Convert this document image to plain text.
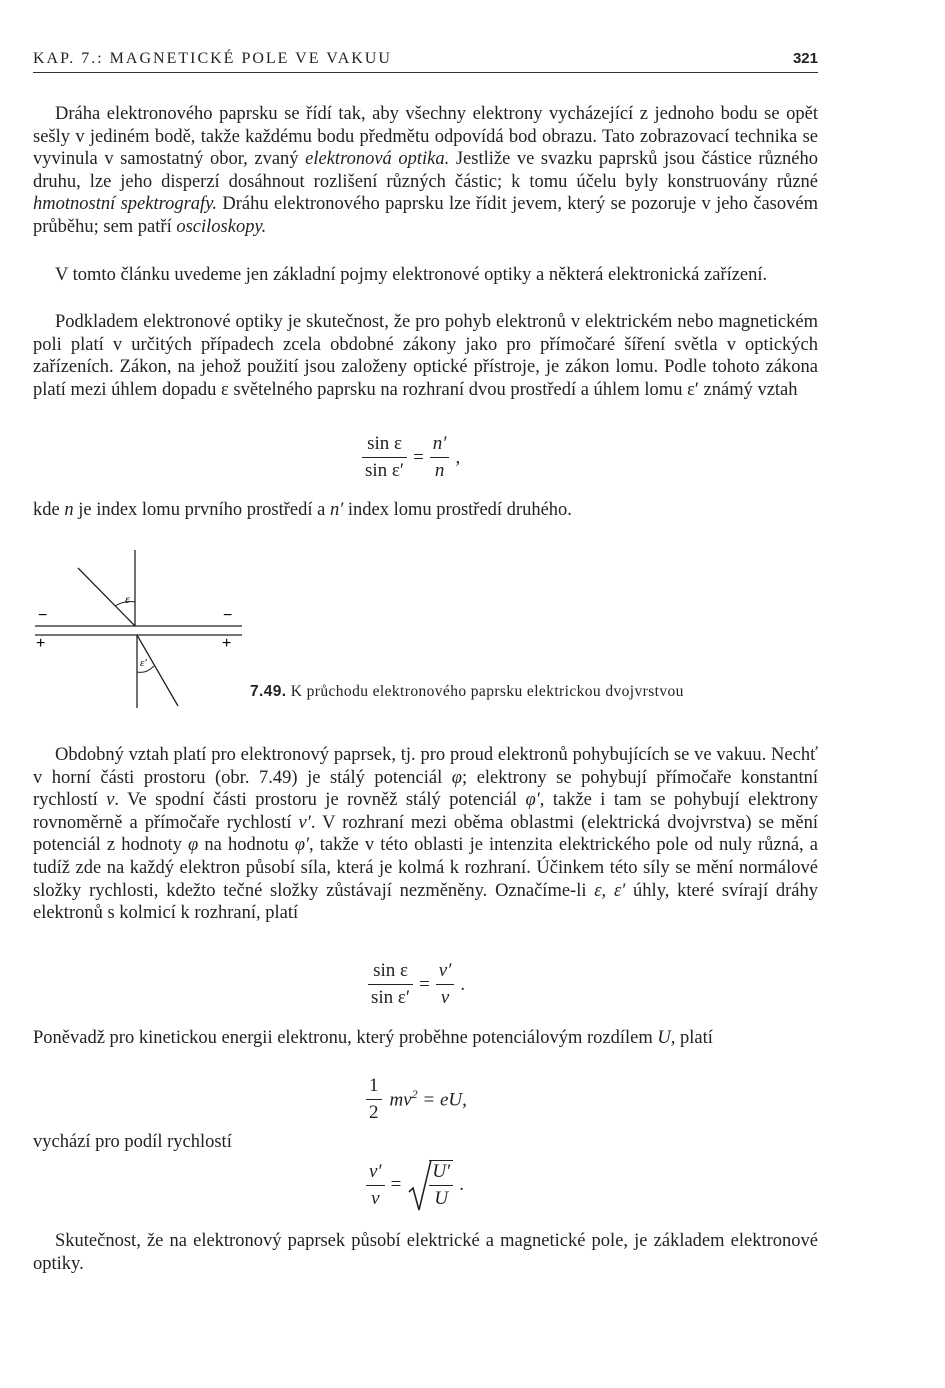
KAP. 7.: MAGNETICKÉ POLE VE VAKUU	321

Dráha elektronového paprsku se řídí tak, aby všechny elektrony vycházející z jednoho bodu se opět sešly v jediném bodě, takže každému bodu předmětu odpovídá bod obrazu. Tato zobrazovací technika se vyvinula v samostatný obor, zvaný elektronová optika. Jestliže ve svazku paprsků jsou částice různého druhu, lze jeho disperzí dosáhnout rozlišení různých částic; k tomu účelu byly konstruovány různé hmotnostní spektrografy. Dráhu elektronového paprsku lze řídit jevem, který se pozoruje v jeho časovém průběhu; sem patří osciloskopy.

V tomto článku uvedeme jen základní pojmy elektronové optiky a některá elektronická zařízení.

Podkladem elektronové optiky je skutečnost, že pro pohyb elektronů v elektrickém nebo magnetickém poli platí v určitých případech zcela obdobné zákony jako pro přímočaré šíření světla v optických zařízeních. Zákon, na jehož použití jsou založeny optické přístroje, je zákon lomu. Podle tohoto zákona platí mezi úhlem dopadu ε světelného paprsku na rozhraní dvou prostředí a úhlem lomu ε′ známý vztah

$\frac{\text{sin ε}}{\text{sin ε′}} = \frac{n'}{n}$ ,

kde n je index lomu prvního prostředí a n′ index lomu prostředí druhého.

ε
−	−
+	+
ε′
7.49. K průchodu elektronového paprsku elektrickou dvojvrstvou

Obdobný vztah platí pro elektronový paprsek, tj. pro proud elektronů pohybujících se ve vakuu. Nechť v horní části prostoru (obr. 7.49) je stálý potenciál φ; elektrony se pohybují přímočaře konstantní rychlostí v. Ve spodní části prostoru je rovněž stálý potenciál φ′, takže i tam se pohybují elektrony rovnoměrně a přímočaře rychlostí v′. V rozhraní mezi oběma oblastmi (elektrická dvojvrstva) se mění potenciál z hodnoty φ na hodnotu φ′, takže v této oblasti je intenzita elektrického pole od nuly různá, a tudíž zde na každý elektron působí síla, která je kolmá k rozhraní. Účinkem této síly se mění normálové složky rychlosti, kdežto tečné složky zůstávají nezměněny. Označíme-li ε, ε′ úhly, které svírají dráhy elektronů s kolmicí k rozhraní, platí

$\frac{\text{sin ε}}{\text{sin ε′}} = \frac{v'}{v}$ .

Poněvadž pro kinetickou energii elektronu, který proběhne potenciálovým rozdílem U, platí

$\frac{1}{2} mv^2$ = eU,

vychází pro podíl rychlostí

$\frac{v'}{v} = \frac{U'}{U}$ .

Skutečnost, že na elektronový paprsek působí elektrické a magnetické pole, je základem elektronové optiky.
